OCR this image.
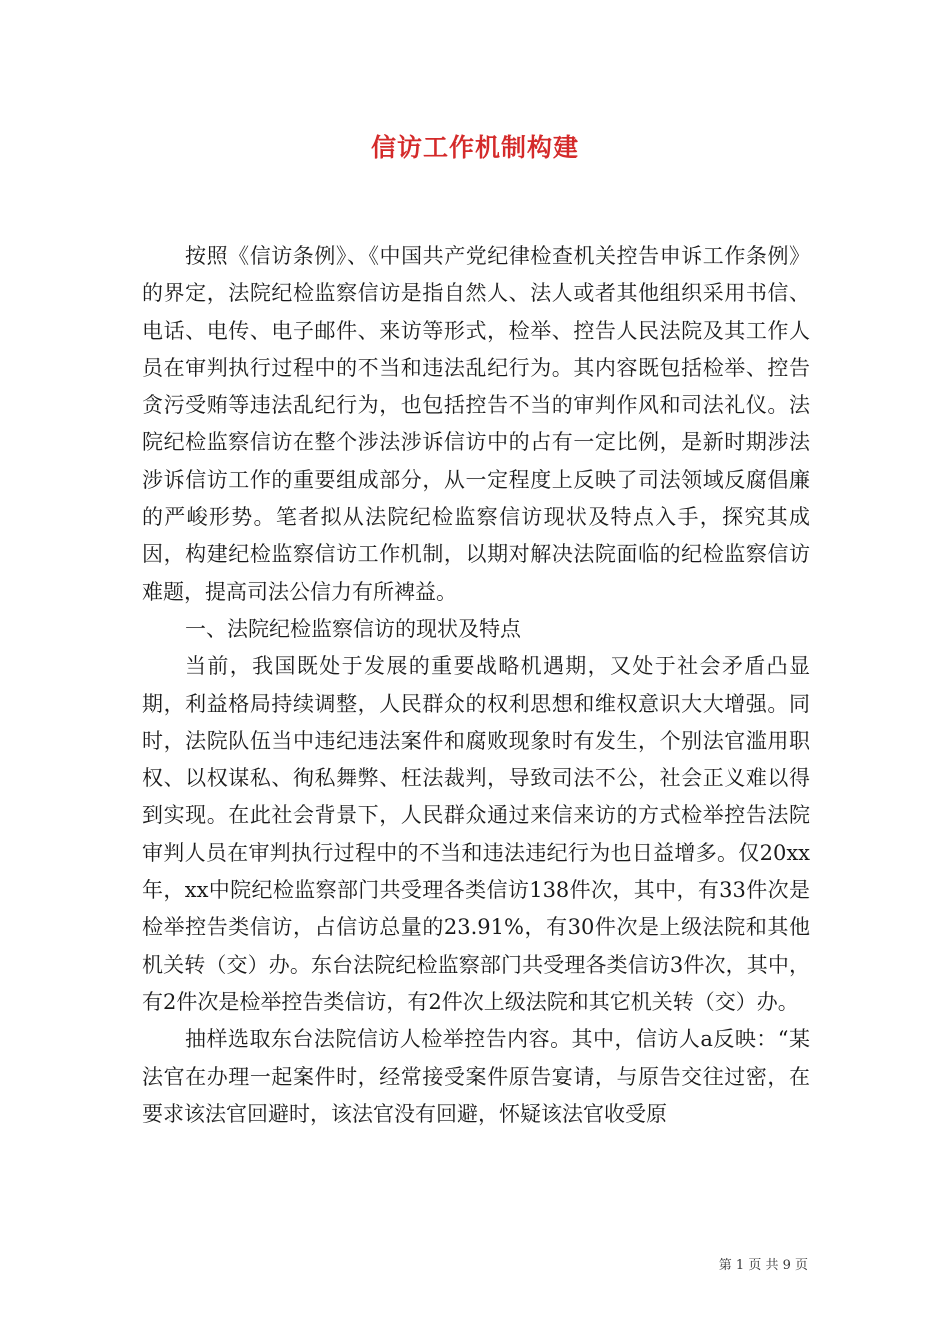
信访工作机制构建

按照《信访条例》、《中国共产党纪律检查机关控告申诉工作条例》的界定，法院纪检监察信访是指自然人、法人或者其他组织采用书信、电话、电传、电子邮件、来访等形式，检举、控告人民法院及其工作人员在审判执行过程中的不当和违法乱纪行为。其内容既包括检举、控告贪污受贿等违法乱纪行为，也包括控告不当的审判作风和司法礼仪。法院纪检监察信访在整个涉法涉诉信访中的占有一定比例，是新时期涉法涉诉信访工作的重要组成部分，从一定程度上反映了司法领域反腐倡廉的严峻形势。笔者拟从法院纪检监察信访现状及特点入手，探究其成因，构建纪检监察信访工作机制，以期对解决法院面临的纪检监察信访难题，提高司法公信力有所裨益。

一、法院纪检监察信访的现状及特点

当前，我国既处于发展的重要战略机遇期，又处于社会矛盾凸显期，利益格局持续调整，人民群众的权利思想和维权意识大大增强。同时，法院队伍当中违纪违法案件和腐败现象时有发生，个别法官滥用职权、以权谋私、徇私舞弊、枉法裁判，导致司法不公，社会正义难以得到实现。在此社会背景下，人民群众通过来信来访的方式检举控告法院审判人员在审判执行过程中的不当和违法违纪行为也日益增多。仅20xx年，xx中院纪检监察部门共受理各类信访138件次，其中，有33件次是检举控告类信访，占信访总量的23.91%，有30件次是上级法院和其他机关转（交）办。东台法院纪检监察部门共受理各类信访3件次，其中，有2件次是检举控告类信访，有2件次上级法院和其它机关转（交）办。

抽样选取东台法院信访人检举控告内容。其中，信访人a反映：“某法官在办理一起案件时，经常接受案件原告宴请，与原告交往过密，在要求该法官回避时，该法官没有回避，怀疑该法官收受原

第 1 页 共 9 页
